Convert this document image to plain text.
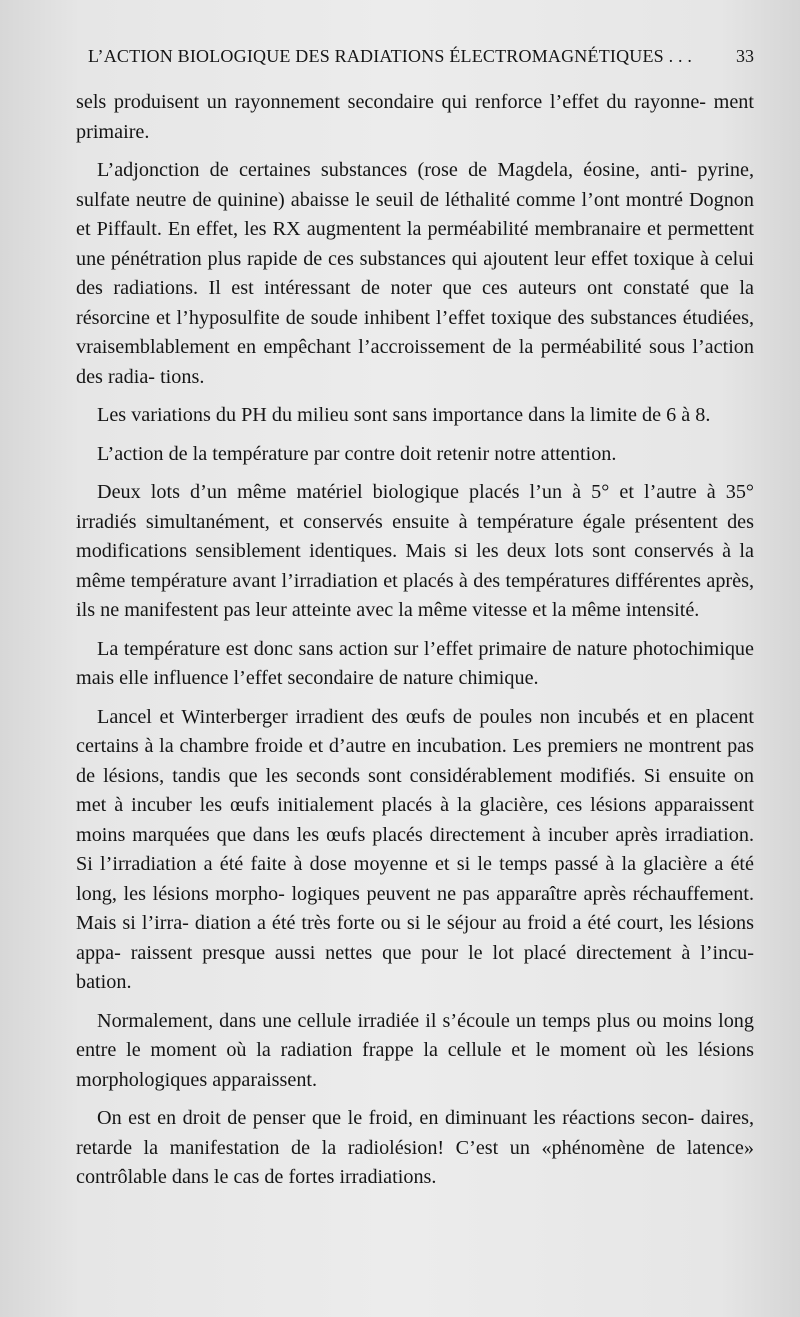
L’ACTION BIOLOGIQUE DES RADIATIONS ÉLECTROMAGNÉTIQUES . . . 33

sels produisent un rayonnement secondaire qui renforce l’effet du rayonne- ment primaire.

L’adjonction de certaines substances (rose de Magdela, éosine, anti- pyrine, sulfate neutre de quinine) abaisse le seuil de léthalité comme l’ont montré Dognon et Piffault. En effet, les RX augmentent la perméabilité membranaire et permettent une pénétration plus rapide de ces substances qui ajoutent leur effet toxique à celui des radiations. Il est intéressant de noter que ces auteurs ont constaté que la résorcine et l’hyposulfite de soude inhibent l’effet toxique des substances étudiées, vraisemblablement en empêchant l’accroissement de la perméabilité sous l’action des radia- tions.

Les variations du PH du milieu sont sans importance dans la limite de 6 à 8.

L’action de la température par contre doit retenir notre attention.

Deux lots d’un même matériel biologique placés l’un à 5° et l’autre à 35° irradiés simultanément, et conservés ensuite à température égale présentent des modifications sensiblement identiques. Mais si les deux lots sont conservés à la même température avant l’irradiation et placés à des températures différentes après, ils ne manifestent pas leur atteinte avec la même vitesse et la même intensité.

La température est donc sans action sur l’effet primaire de nature photochimique mais elle influence l’effet secondaire de nature chimique.

Lancel et Winterberger irradient des œufs de poules non incubés et en placent certains à la chambre froide et d’autre en incubation. Les premiers ne montrent pas de lésions, tandis que les seconds sont considérablement modifiés. Si ensuite on met à incuber les œufs initialement placés à la glacière, ces lésions apparaissent moins marquées que dans les œufs placés directement à incuber après irradiation. Si l’irradiation a été faite à dose moyenne et si le temps passé à la glacière a été long, les lésions morpho- logiques peuvent ne pas apparaître après réchauffement. Mais si l’irra- diation a été très forte ou si le séjour au froid a été court, les lésions appa- raissent presque aussi nettes que pour le lot placé directement à l’incu- bation.

Normalement, dans une cellule irradiée il s’écoule un temps plus ou moins long entre le moment où la radiation frappe la cellule et le moment où les lésions morphologiques apparaissent.

On est en droit de penser que le froid, en diminuant les réactions secon- daires, retarde la manifestation de la radiolésion! C’est un «phénomène de latence» contrôlable dans le cas de fortes irradiations.
